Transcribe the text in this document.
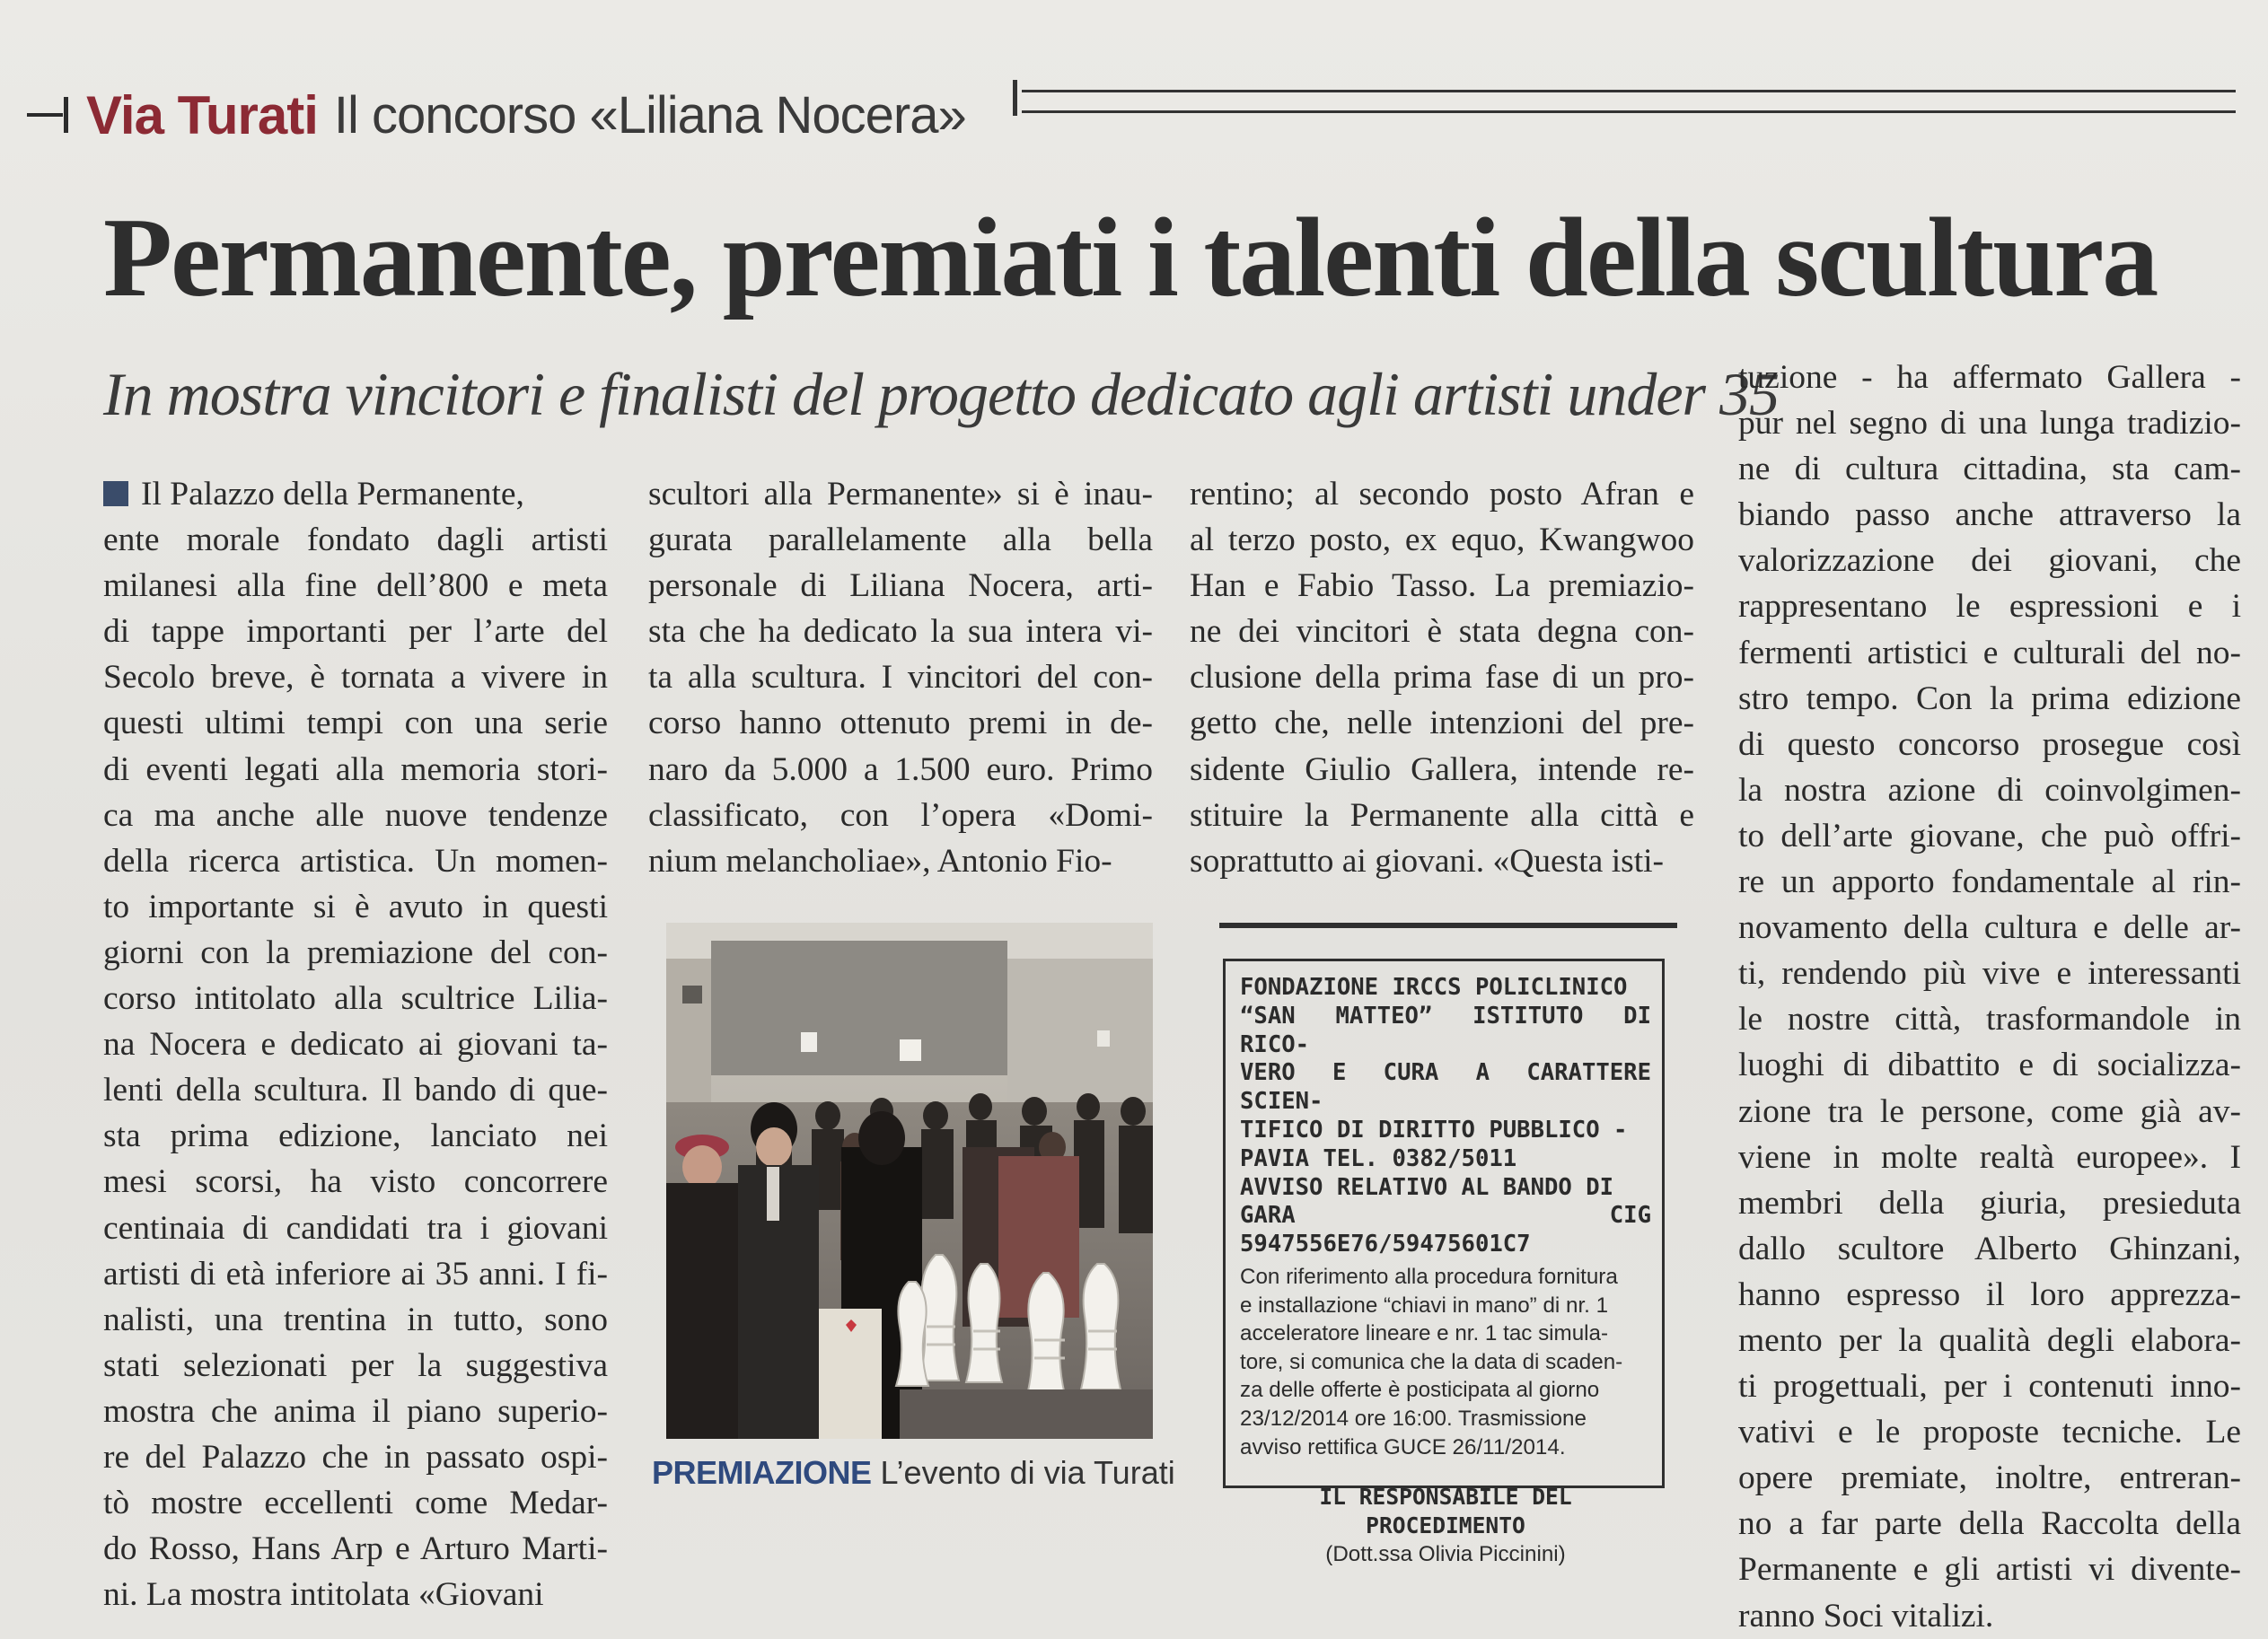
Via Turati Il concorso «Liliana Nocera»
Permanente, premiati i talenti della scultura
In mostra vincitori e finalisti del progetto dedicato agli artisti under 35
Il Palazzo della Permanente,
ente morale fondato dagli artisti
milanesi alla fine dell’800 e meta
di tappe importanti per l’arte del
Secolo breve, è tornata a vivere in
questi ultimi tempi con una serie
di eventi legati alla memoria stori-
ca ma anche alle nuove tendenze
della ricerca artistica. Un momen-
to importante si è avuto in questi
giorni con la premiazione del con-
corso intitolato alla scultrice Lilia-
na Nocera e dedicato ai giovani ta-
lenti della scultura. Il bando di que-
sta prima edizione, lanciato nei
mesi scorsi, ha visto concorrere
centinaia di candidati tra i giovani
artisti di età inferiore ai 35 anni. I fi-
nalisti, una trentina in tutto, sono
stati selezionati per la suggestiva
mostra che anima il piano superio-
re del Palazzo che in passato ospi-
tò mostre eccellenti come Medar-
do Rosso, Hans Arp e Arturo Marti-
ni. La mostra intitolata «Giovani
scultori alla Permanente» si è inau-
gurata parallelamente alla bella
personale di Liliana Nocera, arti-
sta che ha dedicato la sua intera vi-
ta alla scultura. I vincitori del con-
corso hanno ottenuto premi in de-
naro da 5.000 a 1.500 euro. Primo
classificato, con l’opera «Domi-
nium melancholiae», Antonio Fio-
rentino; al secondo posto Afran e
al terzo posto, ex equo, Kwangwoo
Han e Fabio Tasso. La premiazio-
ne dei vincitori è stata degna con-
clusione della prima fase di un pro-
getto che, nelle intenzioni del pre-
sidente Giulio Gallera, intende re-
stituire la Permanente alla città e
soprattutto ai giovani. «Questa isti-
tuzione - ha affermato Gallera -
pur nel segno di una lunga tradizio-
ne di cultura cittadina, sta cam-
biando passo anche attraverso la
valorizzazione dei giovani, che
rappresentano le espressioni e i
fermenti artistici e culturali del no-
stro tempo. Con la prima edizione
di questo concorso prosegue così
la nostra azione di coinvolgimen-
to dell’arte giovane, che può offri-
re un apporto fondamentale al rin-
novamento della cultura e delle ar-
ti, rendendo più vive e interessanti
le nostre città, trasformandole in
luoghi di dibattito e di socializza-
zione tra le persone, come già av-
viene in molte realtà europee». I
membri della giuria, presieduta
dallo scultore Alberto Ghinzani,
hanno espresso il loro apprezza-
mento per la qualità degli elabora-
ti progettuali, per i contenuti inno-
vativi e le proposte tecniche. Le
opere premiate, inoltre, entreran-
no a far parte della Raccolta della
Permanente e gli artisti vi divente-
ranno Soci vitalizi.
PREMIAZIONE L’evento di via Turati
FONDAZIONE IRCCS POLICLINICO
“SAN MATTEO” ISTITUTO DI RICO-
VERO E CURA A CARATTERE SCIEN-
TIFICO DI DIRITTO PUBBLICO -
PAVIA TEL. 0382/5011
AVVISO RELATIVO AL BANDO DI
GARA CIG 5947556E76/59475601C7
Con riferimento alla procedura fornitura
e installazione “chiavi in mano” di nr. 1
acceleratore lineare e nr. 1 tac simula-
tore, si comunica che la data di scaden-
za delle offerte è posticipata al giorno
23/12/2014 ore 16:00. Trasmissione
avviso rettifica GUCE 26/11/2014.
IL RESPONSABILE DEL PROCEDIMENTO
(Dott.ssa Olivia Piccinini)
